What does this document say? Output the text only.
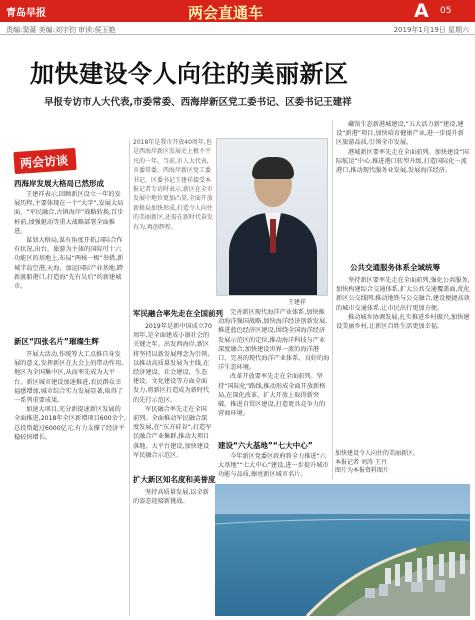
青岛早报	两会直通车	A 05
责编:窦蔷 美编:刘宇钧 审读:侯玉艳	2019年1月19日 星期六
加快建设令人向往的美丽新区
早报专访市人大代表,市委常委、西海岸新区党工委书记、区委书记王建祥
两会访谈
西海岸发展大格局已然形成

王建祥表示,回顾新区设立一年的发展历程,主要体现在一个“大字”,发展大局面、“军民融合,古镇海岸”战略转换,百步桩前,加强驱动等重大战略部署全面推进。

谋划大格局,谋有角度开拓,国际合作有状况,出台、旅游为主体的国际可十六功能区的基地上,布局“两核一极”举措,新城半岛空港,天海、加运国际产业基地,跨新渡船港口,打造海“先有吴后”的新建城市。

新区“四张名片”璀璨生辉

开展大活动,作统筹大工点推自身发展的意义,发挥新区在大会上的带动作用,地区为全国集中区,从而率先成为大平台。新区城市建设加速推进,农民群众幸福感增加,城市综合实力发展显著,取得了一系列重要成果。

加速大项目,充分新提速新区发展的全面推进,2018年全区新增项目600余个,总投资超过6000亿元,有力支撑了经济平稳较快增长。

2018年是我市开放40周年,也是西海岸新区发展史上极不平凡的一年。当前,市人大代表,市委常委、西海岸新区党工委书记、区委书记王建祥接受本报记者专访时表示,新区在全市发展中地位更加凸显,全面开放新格局加快形成,打造令人向往的美丽新区,还需在新时代奋发有为,再创辉煌。
王建祥
军民融合率先走在全国前列

2019年是新中国成立70周年,是全面建成小康社会的关键之年。出发西海岸,新区将坚持以新发展理念为引领,以推动高质量发展为主线,在经济建设、社会建设、生态建设、文化建设等方面全面发力,将新区打造成为新时代的先行示范区。

军民融合率先走在全国前列。全面推动军民融合深度发展,在“东方硅谷”,打造军民融合产业集群,推动大项目落地、大平台建设,加快建设军民融合示范区。

扩大新区知名度和美誉度

坚持高质量发展,以全新的姿态迎接新挑战。

完善新区现代海洋产业体系,加快推动海洋强国战略,加快海洋经济创新发展,推进蓝色经济区建设,围绕全国海洋经济发展示范区的定位,推动海洋科技与产业深度融合,加快建设世界一流的海洋港口、完善的现代海洋产业体系、良好的海洋生态环境。

改革开放要率先走在全面前列。坚持“国际化”路线,推动形成全面开放新格局,在深化改革、扩大开放上取得新突破。推进自贸区建设,打造更具竞争力的营商环境。

建设“六大基地”“七大中心”

今年新区党委区政府将全力推进“六大基地”“七大中心”建设,进一步提升城市功能与品质,擦亮新区城市名片。

藏馆生态新港城建设,“五大活力新”建设,建设“新港”项目,加快培育健康产业,进一步提升新区旅游品质,引领全市发展。

港城新区要率先走在全面前列。加快建设“国际航运”中心,推进港口转型升级,打造国际化一流港口,推动现代服务业发展,发展海洋经济。

公共交通服务体系全域统筹

坚持新区要率先走在全面前列,强化公共服务,加快构建综合交通体系,扩大公共交通覆盖面,优化新区公交线网,推动地铁与公交融合,建设便捷高效的城市交通体系,让市民出行更加方便。

推动城乡协调发展,扎实推进乡村振兴,加快建设美丽乡村,让新区百姓生活更加幸福。

加快建设令人向往的美丽新区。
本报记者 刘涛 王丹
图片为本报资料图片
